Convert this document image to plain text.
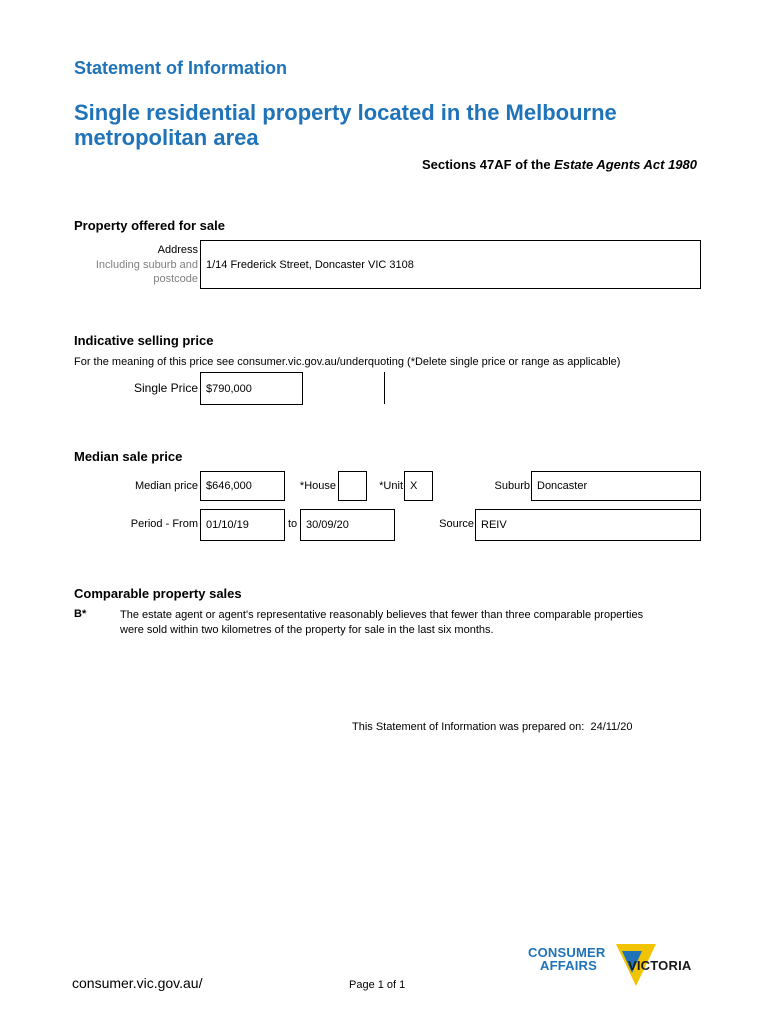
Statement of Information
Single residential property located in the Melbourne
metropolitan area
Sections 47AF of the Estate Agents Act 1980
Property offered for sale
Address
Including suburb and
postcode
1/14 Frederick Street, Doncaster VIC 3108
Indicative selling price
For the meaning of this price see consumer.vic.gov.au/underquoting (*Delete single price or range as applicable)
Single Price $790,000
Median sale price
Median price $646,000	*House	*Unit X	Suburb Doncaster
Period - From 01/10/19	to 30/09/20	Source REIV
Comparable property sales
B*	The estate agent or agent's representative reasonably believes that fewer than three comparable properties
were sold within two kilometres of the property for sale in the last six months.
This Statement of Information was prepared on: 24/11/20
consumer.vic.gov.au/	Page 1 of 1
CONSUMER
AFFAIRS VICTORIA
